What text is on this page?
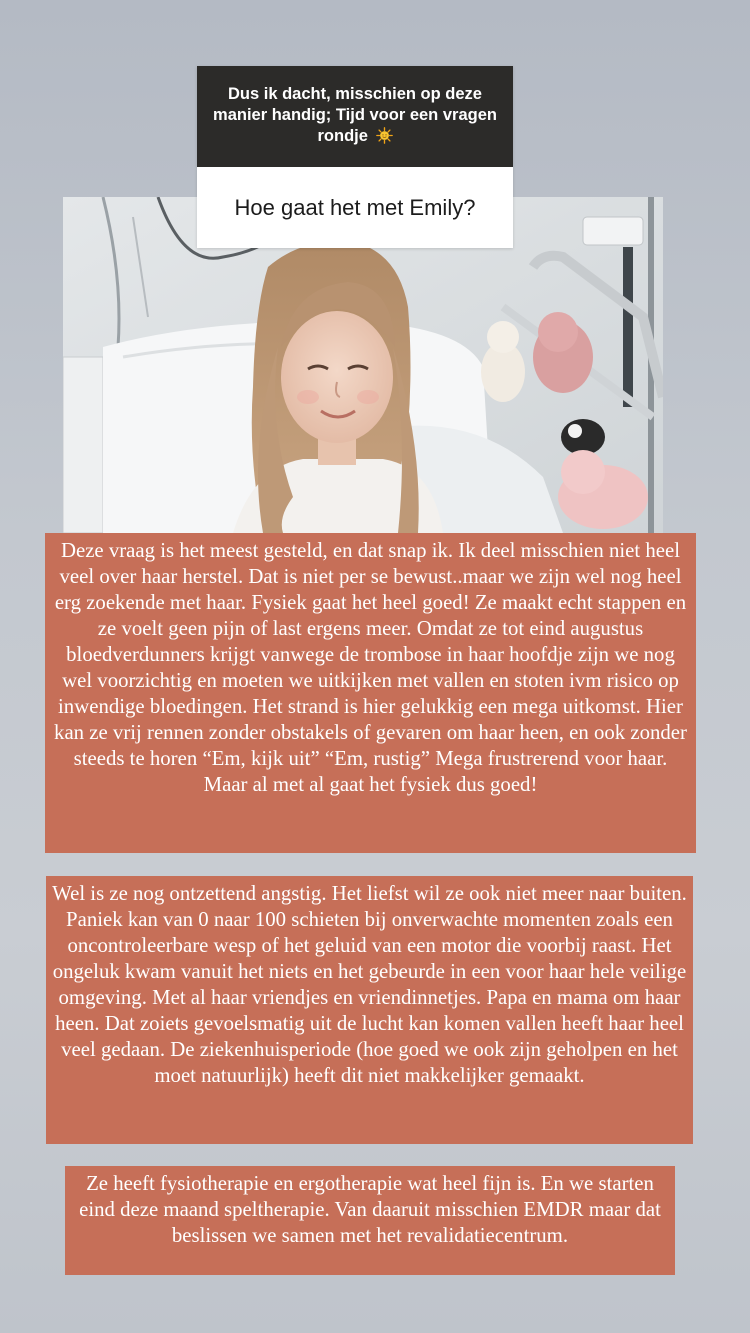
Dus ik dacht, misschien op deze manier handig; Tijd voor een vragen rondje
Hoe gaat het met Emily?

Deze vraag is het meest gesteld, en dat snap ik. Ik deel misschien niet heel veel over haar herstel. Dat is niet per se bewust..maar we zijn wel nog heel erg zoekende met haar. Fysiek gaat het heel goed! Ze maakt echt stappen en ze voelt geen pijn of last ergens meer. Omdat ze tot eind augustus bloedverdunners krijgt vanwege de trombose in haar hoofdje zijn we nog wel voorzichtig en moeten we uitkijken met vallen en stoten ivm risico op inwendige bloedingen. Het strand is hier gelukkig een mega uitkomst. Hier kan ze vrij rennen zonder obstakels of gevaren om haar heen, en ook zonder steeds te horen “Em, kijk uit” “Em, rustig” Mega frustrerend voor haar. Maar al met al gaat het fysiek dus goed!

Wel is ze nog ontzettend angstig. Het liefst wil ze ook niet meer naar buiten. Paniek kan van 0 naar 100 schieten bij onverwachte momenten zoals een oncontroleerbare wesp of het geluid van een motor die voorbij raast. Het ongeluk kwam vanuit het niets en het gebeurde in een voor haar hele veilige omgeving. Met al haar vriendjes en vriendinnetjes. Papa en mama om haar heen. Dat zoiets gevoelsmatig uit de lucht kan komen vallen heeft haar heel veel gedaan. De ziekenhuisperiode (hoe goed we ook zijn geholpen en het moet natuurlijk) heeft dit niet makkelijker gemaakt.

Ze heeft fysiotherapie en ergotherapie wat heel fijn is. En we starten eind deze maand speltherapie. Van daaruit misschien EMDR maar dat beslissen we samen met het revalidatiecentrum.
